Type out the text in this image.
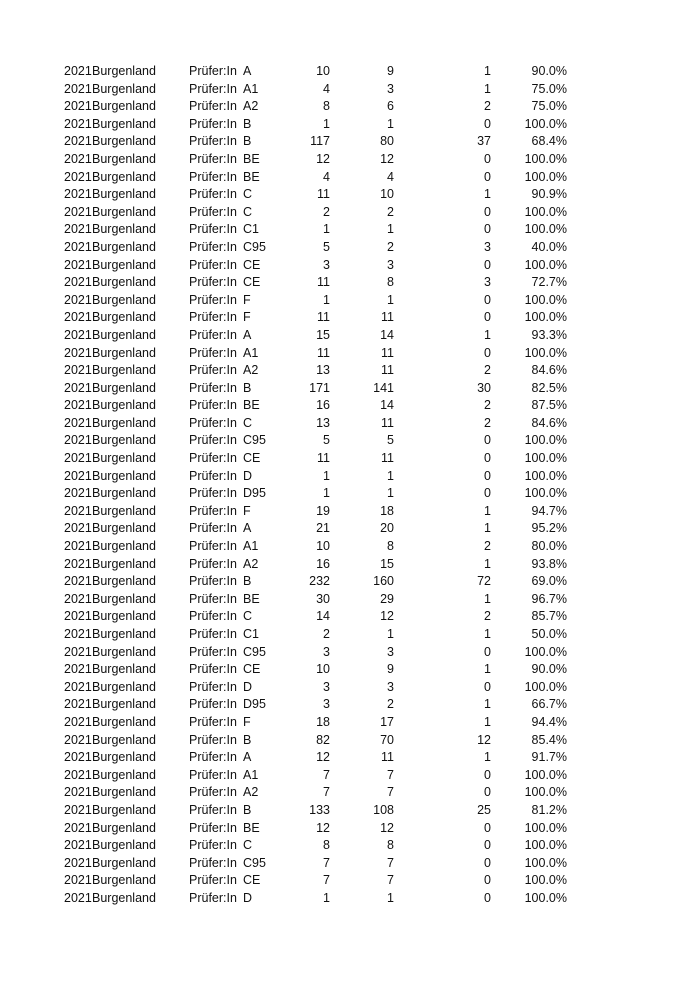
2021 Burgenland	Prüfer:In A	10	9	1	90.0%
2021 Burgenland	Prüfer:In A1	4	3	1	75.0%
2021 Burgenland	Prüfer:In A2	8	6	2	75.0%
2021 Burgenland	Prüfer:In B	1	1	0	100.0%
2021 Burgenland	Prüfer:In B	117	80	37	68.4%
2021 Burgenland	Prüfer:In BE	12	12	0	100.0%
2021 Burgenland	Prüfer:In BE	4	4	0	100.0%
2021 Burgenland	Prüfer:In C	11	10	1	90.9%
2021 Burgenland	Prüfer:In C	2	2	0	100.0%
2021 Burgenland	Prüfer:In C1	1	1	0	100.0%
2021 Burgenland	Prüfer:In C95	5	2	3	40.0%
2021 Burgenland	Prüfer:In CE	3	3	0	100.0%
2021 Burgenland	Prüfer:In CE	11	8	3	72.7%
2021 Burgenland	Prüfer:In F	1	1	0	100.0%
2021 Burgenland	Prüfer:In F	11	11	0	100.0%
2021 Burgenland	Prüfer:In A	15	14	1	93.3%
2021 Burgenland	Prüfer:In A1	11	11	0	100.0%
2021 Burgenland	Prüfer:In A2	13	11	2	84.6%
2021 Burgenland	Prüfer:In B	171	141	30	82.5%
2021 Burgenland	Prüfer:In BE	16	14	2	87.5%
2021 Burgenland	Prüfer:In C	13	11	2	84.6%
2021 Burgenland	Prüfer:In C95	5	5	0	100.0%
2021 Burgenland	Prüfer:In CE	11	11	0	100.0%
2021 Burgenland	Prüfer:In D	1	1	0	100.0%
2021 Burgenland	Prüfer:In D95	1	1	0	100.0%
2021 Burgenland	Prüfer:In F	19	18	1	94.7%
2021 Burgenland	Prüfer:In A	21	20	1	95.2%
2021 Burgenland	Prüfer:In A1	10	8	2	80.0%
2021 Burgenland	Prüfer:In A2	16	15	1	93.8%
2021 Burgenland	Prüfer:In B	232	160	72	69.0%
2021 Burgenland	Prüfer:In BE	30	29	1	96.7%
2021 Burgenland	Prüfer:In C	14	12	2	85.7%
2021 Burgenland	Prüfer:In C1	2	1	1	50.0%
2021 Burgenland	Prüfer:In C95	3	3	0	100.0%
2021 Burgenland	Prüfer:In CE	10	9	1	90.0%
2021 Burgenland	Prüfer:In D	3	3	0	100.0%
2021 Burgenland	Prüfer:In D95	3	2	1	66.7%
2021 Burgenland	Prüfer:In F	18	17	1	94.4%
2021 Burgenland	Prüfer:In B	82	70	12	85.4%
2021 Burgenland	Prüfer:In A	12	11	1	91.7%
2021 Burgenland	Prüfer:In A1	7	7	0	100.0%
2021 Burgenland	Prüfer:In A2	7	7	0	100.0%
2021 Burgenland	Prüfer:In B	133	108	25	81.2%
2021 Burgenland	Prüfer:In BE	12	12	0	100.0%
2021 Burgenland	Prüfer:In C	8	8	0	100.0%
2021 Burgenland	Prüfer:In C95	7	7	0	100.0%
2021 Burgenland	Prüfer:In CE	7	7	0	100.0%
2021 Burgenland	Prüfer:In D	1	1	0	100.0%
